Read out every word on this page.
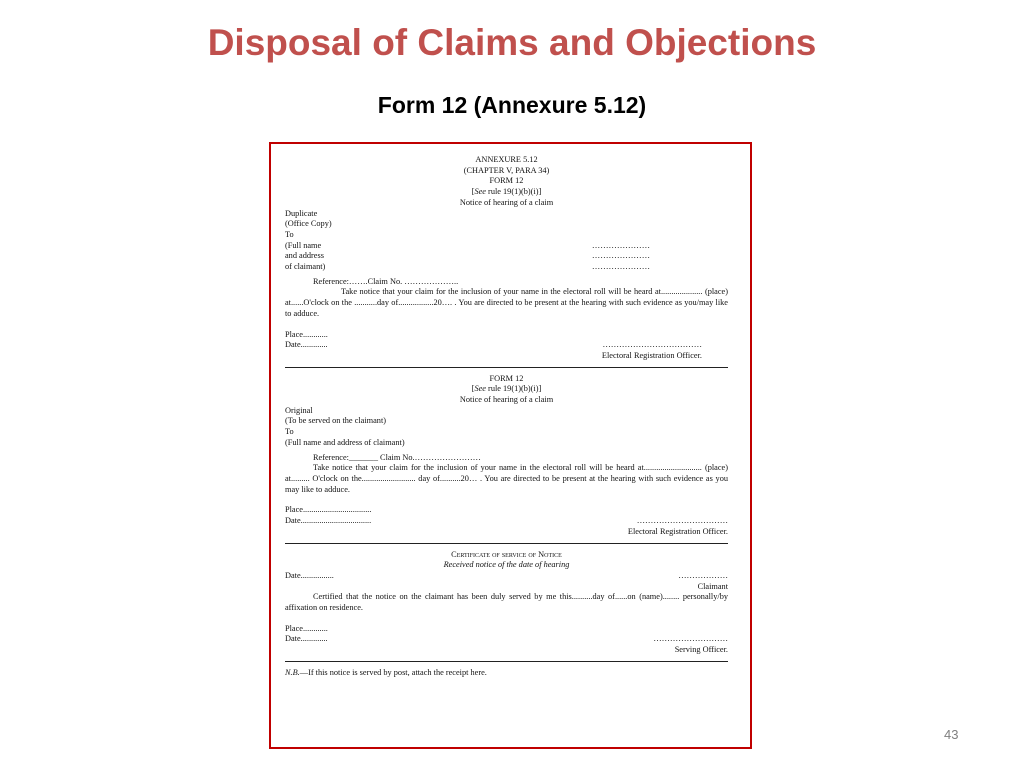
Disposal of Claims and Objections
Form 12 (Annexure 5.12)
ANNEXURE 5.12
(CHAPTER V, PARA 34)
FORM 12
[See rule 19(1)(b)(i)]
Notice of hearing of a claim
Duplicate
(Office Copy)
To
(Full name	…………………
and address	…………………
of claimant)	…………………
Reference:…….Claim No. ………………..
Take notice that your claim for the inclusion of your name in the electoral roll will be heard at.................... (place) at......O'clock on the ...........day of.................20…. . You are directed to be present at the hearing with such evidence as you/may like to adduce.
Place............
Date.............	………………………………
Electoral Registration Officer.
FORM 12
[See rule 19(1)(b)(i)]
Notice of hearing of a claim
Original
(To be served on the claimant)
To
(Full name and address of claimant)
Reference:_______ Claim No.……………………
Take notice that your claim for the inclusion of your name in the electoral roll will be heard at............................ (place) at......... O'clock on the.......................... day of..........20… . You are directed to be present at the hearing with such evidence as you may like to adduce.
Place.................................
Date..................................	……………………………
Electoral Registration Officer.
Certificate of service of Notice
Received notice of the date of hearing
Date................	………………
Claimant
Certified that the notice on the claimant has been duly served by me this..........day of......on (name)........ personally/by affixation on residence.
Place............
Date.............	………………………
Serving Officer.
N.B.—If this notice is served by post, attach the receipt here.
43
